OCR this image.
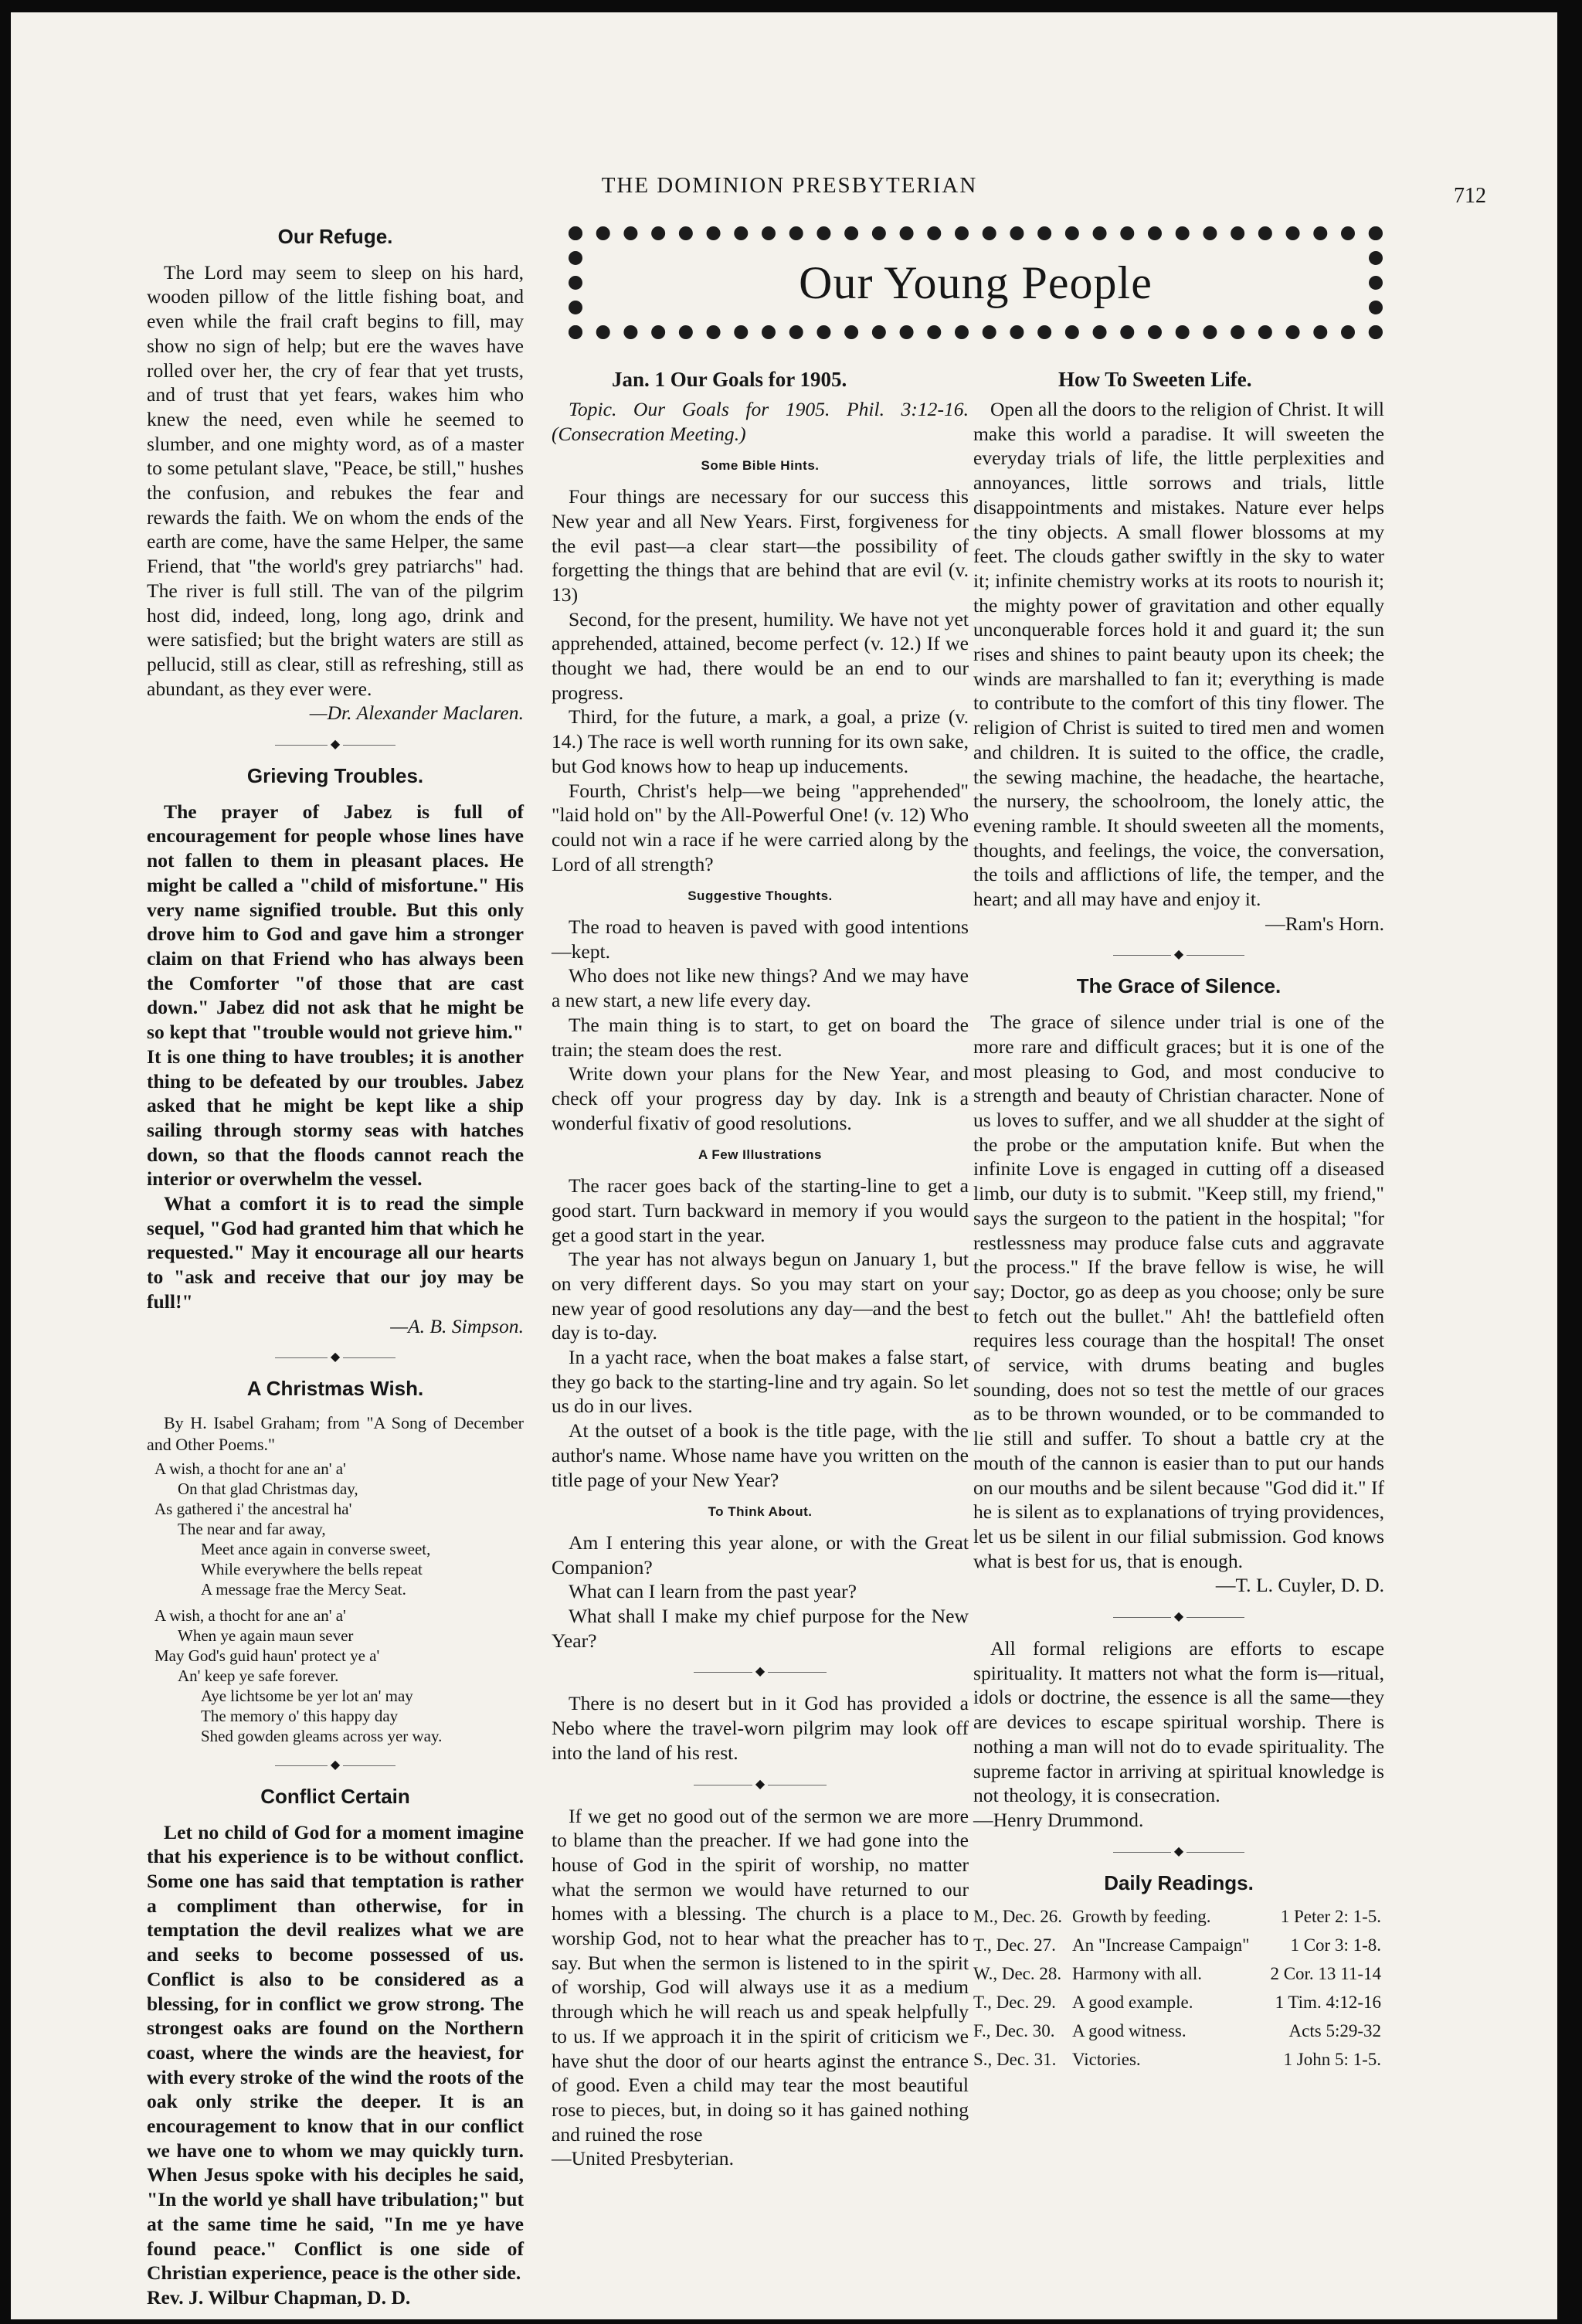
THE DOMINION PRESBYTERIAN	712
Our Refuge.

The Lord may seem to sleep on his hard, wooden pillow of the little fishing boat, and even while the frail craft begins to fill, may show no sign of help; but ere the waves have rolled over her, the cry of fear that yet trusts, and of trust that yet fears, wakes him who knew the need, even while he seemed to slumber, and one mighty word, as of a master to some petulant slave, "Peace, be still," hushes the confusion, and rebukes the fear and rewards the faith. We on whom the ends of the earth are come, have the same Helper, the same Friend, that "the world's grey patriarchs" had. The river is full still. The van of the pilgrim host did, indeed, long, long ago, drink and were satisfied; but the bright waters are still as pellucid, still as clear, still as refreshing, still as abundant, as they ever were.

—Dr. Alexander Maclaren.
◆
Grieving Troubles.

The prayer of Jabez is full of encouragement for people whose lines have not fallen to them in pleasant places. He might be called a "child of misfortune." His very name signified trouble. But this only drove him to God and gave him a stronger claim on that Friend who has always been the Comforter "of those that are cast down." Jabez did not ask that he might be so kept that "trouble would not grieve him." It is one thing to have troubles; it is another thing to be defeated by our troubles. Jabez asked that he might be kept like a ship sailing through stormy seas with hatches down, so that the floods cannot reach the interior or overwhelm the vessel.

What a comfort it is to read the simple sequel, "God had granted him that which he requested." May it encourage all our hearts to "ask and receive that our joy may be full!"

—A. B. Simpson.
◆
A Christmas Wish.
By H. Isabel Graham; from "A Song of December and Other Poems."
A wish, a thocht for ane an' a'
On that glad Christmas day,
As gathered i' the ancestral ha'
The near and far away,
Meet ance again in converse sweet,
While everywhere the bells repeat
A message frae the Mercy Seat.
A wish, a thocht for ane an' a'
When ye again maun sever
May God's guid haun' protect ye a'
An' keep ye safe forever.
Aye lichtsome be yer lot an' may
The memory o' this happy day
Shed gowden gleams across yer way.
◆
Conflict Certain

Let no child of God for a moment imagine that his experience is to be without conflict. Some one has said that temptation is rather a compliment than otherwise, for in temptation the devil realizes what we are and seeks to become possessed of us. Conflict is also to be considered as a blessing, for in conflict we grow strong. The strongest oaks are found on the Northern coast, where the winds are the heaviest, for with every stroke of the wind the roots of the oak only strike the deeper. It is an encouragement to know that in our conflict we have one to whom we may quickly turn. When Jesus spoke with his deciples he said, "In the world ye shall have tribulation;" but at the same time he said, "In me ye have found peace." Conflict is one side of Christian experience, peace is the other side.

Rev. J. Wilbur Chapman, D. D.
Our Young People
Jan. 1 Our Goals for 1905.	How To Sweeten Life.

Topic. Our Goals for 1905. Phil. 3:12-16. (Consecration Meeting.)

Some Bible Hints.

Four things are necessary for our success this New year and all New Years. First, forgiveness for the evil past—a clear start—the possibility of forgetting the things that are behind that are evil (v. 13)

Second, for the present, humility. We have not yet apprehended, attained, become perfect (v. 12.) If we thought we had, there would be an end to our progress.

Third, for the future, a mark, a goal, a prize (v. 14.) The race is well worth running for its own sake, but God knows how to heap up inducements.

Fourth, Christ's help—we being "apprehended" "laid hold on" by the All-Powerful One! (v. 12) Who could not win a race if he were carried along by the Lord of all strength?

Suggestive Thoughts.

The road to heaven is paved with good intentions—kept.

Who does not like new things? And we may have a new start, a new life every day.

The main thing is to start, to get on board the train; the steam does the rest.

Write down your plans for the New Year, and check off your progress day by day. Ink is a wonderful fixativ of good resolutions.

A Few Illustrations

The racer goes back of the starting-line to get a good start. Turn backward in memory if you would get a good start in the year.

The year has not always begun on January 1, but on very different days. So you may start on your new year of good resolutions any day—and the best day is to-day.

In a yacht race, when the boat makes a false start, they go back to the starting-line and try again. So let us do in our lives.

At the outset of a book is the title page, with the author's name. Whose name have you written on the title page of your New Year?

To Think About.

Am I entering this year alone, or with the Great Companion?

What can I learn from the past year?

What shall I make my chief purpose for the New Year?

◆

There is no desert but in it God has provided a Nebo where the travel-worn pilgrim may look off into the land of his rest.

◆

If we get no good out of the sermon we are more to blame than the preacher. If we had gone into the house of God in the spirit of worship, no matter what the sermon we would have returned to our homes with a blessing. The church is a place to worship God, not to hear what the preacher has to say. But when the sermon is listened to in the spirit of worship, God will always use it as a medium through which he will reach us and speak helpfully to us. If we approach it in the spirit of criticism we have shut the door of our hearts aginst the entrance of good. Even a child may tear the most beautiful rose to pieces, but, in doing so it has gained nothing and ruined the rose

—United Presbyterian.

Open all the doors to the religion of Christ. It will make this world a paradise. It will sweeten the everyday trials of life, the little perplexities and annoyances, little sorrows and trials, little disappointments and mistakes. Nature ever helps the tiny objects. A small flower blossoms at my feet. The clouds gather swiftly in the sky to water it; infinite chemistry works at its roots to nourish it; the mighty power of gravitation and other equally unconquerable forces hold it and guard it; the sun rises and shines to paint beauty upon its cheek; the winds are marshalled to fan it; everything is made to contribute to the comfort of this tiny flower. The religion of Christ is suited to tired men and women and children. It is suited to the office, the cradle, the sewing machine, the headache, the heartache, the nursery, the schoolroom, the lonely attic, the evening ramble. It should sweeten all the moments, thoughts, and feelings, the voice, the conversation, the toils and afflictions of life, the temper, and the heart; and all may have and enjoy it.

—Ram's Horn.
◆
The Grace of Silence.

The grace of silence under trial is one of the more rare and difficult graces; but it is one of the most pleasing to God, and most conducive to strength and beauty of Christian character. None of us loves to suffer, and we all shudder at the sight of the probe or the amputation knife. But when the infinite Love is engaged in cutting off a diseased limb, our duty is to submit. "Keep still, my friend," says the surgeon to the patient in the hospital; "for restlessness may produce false cuts and aggravate the process." If the brave fellow is wise, he will say; Doctor, go as deep as you choose; only be sure to fetch out the bullet." Ah! the battlefield often requires less courage than the hospital! The onset of service, with drums beating and bugles sounding, does not so test the mettle of our graces as to be thrown wounded, or to be commanded to lie still and suffer. To shout a battle cry at the mouth of the cannon is easier than to put our hands on our mouths and be silent because "God did it." If he is silent as to explanations of trying providences, let us be silent in our filial submission. God knows what is best for us, that is enough.

—T. L. Cuyler, D. D.
◆

All formal religions are efforts to escape spirituality. It matters not what the form is—ritual, idols or doctrine, the essence is all the same—they are devices to escape spiritual worship. There is nothing a man will not do to evade spirituality. The supreme factor in arriving at spiritual knowledge is not theology, it is consecration.

—Henry Drummond.
◆
Daily Readings.
M., Dec. 26.	Growth by feeding.	1 Peter 2: 1-5.
T., Dec. 27.	An "Increase Campaign"	1 Cor 3: 1-8.
W., Dec. 28.	Harmony with all.	2 Cor. 13 11-14
T., Dec. 29.	A good example.	1 Tim. 4:12-16
F., Dec. 30.	A good witness.	Acts 5:29-32
S., Dec. 31.	Victories.	1 John 5: 1-5.
